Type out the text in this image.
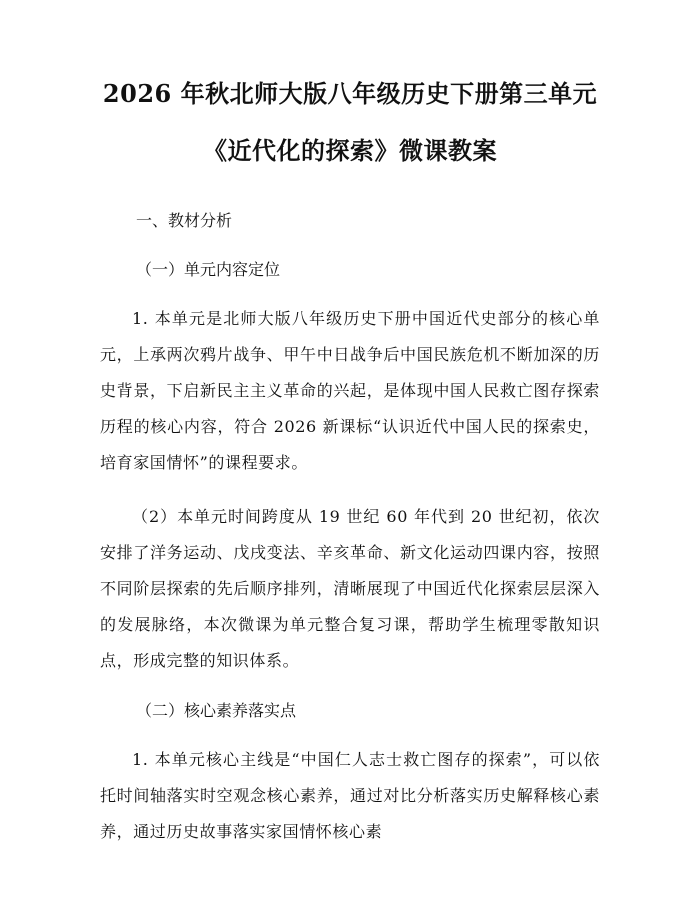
2026 年秋北师大版八年级历史下册第三单元
《近代化的探索》微课教案

一、教材分析

（一）单元内容定位

1. 本单元是北师大版八年级历史下册中国近代史部分的核心单元，上承两次鸦片战争、甲午中日战争后中国民族危机不断加深的历史背景，下启新民主主义革命的兴起，是体现中国人民救亡图存探索历程的核心内容，符合 2026 新课标“认识近代中国人民的探索史，培育家国情怀”的课程要求。

（2）本单元时间跨度从 19 世纪 60 年代到 20 世纪初，依次安排了洋务运动、戊戌变法、辛亥革命、新文化运动四课内容，按照不同阶层探索的先后顺序排列，清晰展现了中国近代化探索层层深入的发展脉络，本次微课为单元整合复习课，帮助学生梳理零散知识点，形成完整的知识体系。

（二）核心素养落实点

1. 本单元核心主线是“中国仁人志士救亡图存的探索”，可以依托时间轴落实时空观念核心素养，通过对比分析落实历史解释核心素养，通过历史故事落实家国情怀核心素
